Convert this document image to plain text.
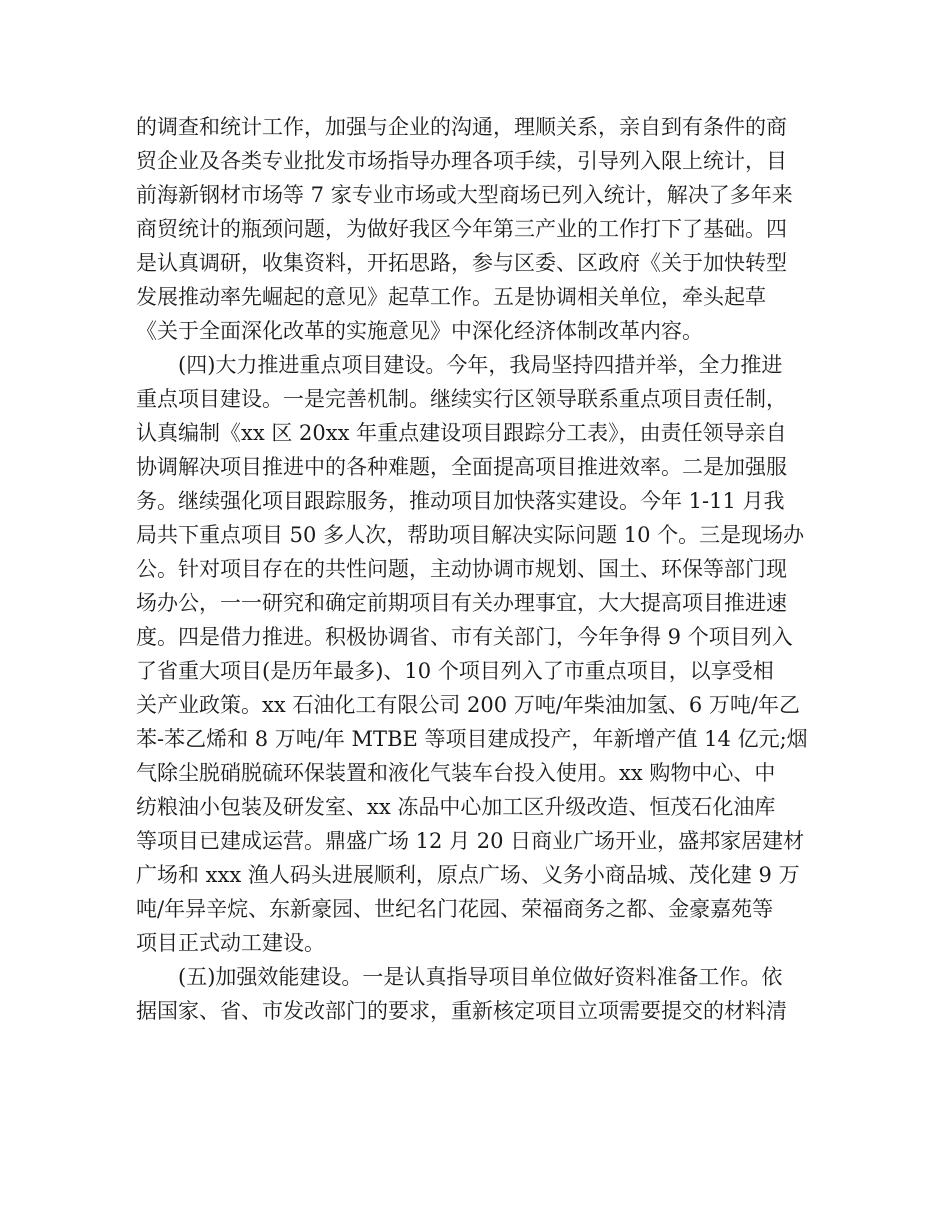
的调查和统计工作，加强与企业的沟通，理顺关系，亲自到有条件的商
贸企业及各类专业批发市场指导办理各项手续，引导列入限上统计，目
前海新钢材市场等 7 家专业市场或大型商场已列入统计，解决了多年来
商贸统计的瓶颈问题，为做好我区今年第三产业的工作打下了基础。四
是认真调研，收集资料，开拓思路，参与区委、区政府《关于加快转型
发展推动率先崛起的意见》起草工作。五是协调相关单位，牵头起草
《关于全面深化改革的实施意见》中深化经济体制改革内容。
(四)大力推进重点项目建设。今年，我局坚持四措并举，全力推进
重点项目建设。一是完善机制。继续实行区领导联系重点项目责任制，
认真编制《xx 区 20xx 年重点建设项目跟踪分工表》，由责任领导亲自
协调解决项目推进中的各种难题，全面提高项目推进效率。二是加强服
务。继续强化项目跟踪服务，推动项目加快落实建设。今年 1-11 月我
局共下重点项目 50 多人次，帮助项目解决实际问题 10 个。三是现场办
公。针对项目存在的共性问题，主动协调市规划、国土、环保等部门现
场办公，一一研究和确定前期项目有关办理事宜，大大提高项目推进速
度。四是借力推进。积极协调省、市有关部门，今年争得 9 个项目列入
了省重大项目(是历年最多)、10 个项目列入了市重点项目，以享受相
关产业政策。xx 石油化工有限公司 200 万吨/年柴油加氢、6 万吨/年乙
苯-苯乙烯和 8 万吨/年 MTBE 等项目建成投产，年新增产值 14 亿元;烟
气除尘脱硝脱硫环保装置和液化气装车台投入使用。xx 购物中心、中
纺粮油小包装及研发室、xx 冻品中心加工区升级改造、恒茂石化油库
等项目已建成运营。鼎盛广场 12 月 20 日商业广场开业，盛邦家居建材
广场和 xxx 渔人码头进展顺利，原点广场、义务小商品城、茂化建 9 万
吨/年异辛烷、东新豪园、世纪名门花园、荣福商务之都、金豪嘉苑等
项目正式动工建设。
(五)加强效能建设。一是认真指导项目单位做好资料准备工作。依
据国家、省、市发改部门的要求，重新核定项目立项需要提交的材料清
